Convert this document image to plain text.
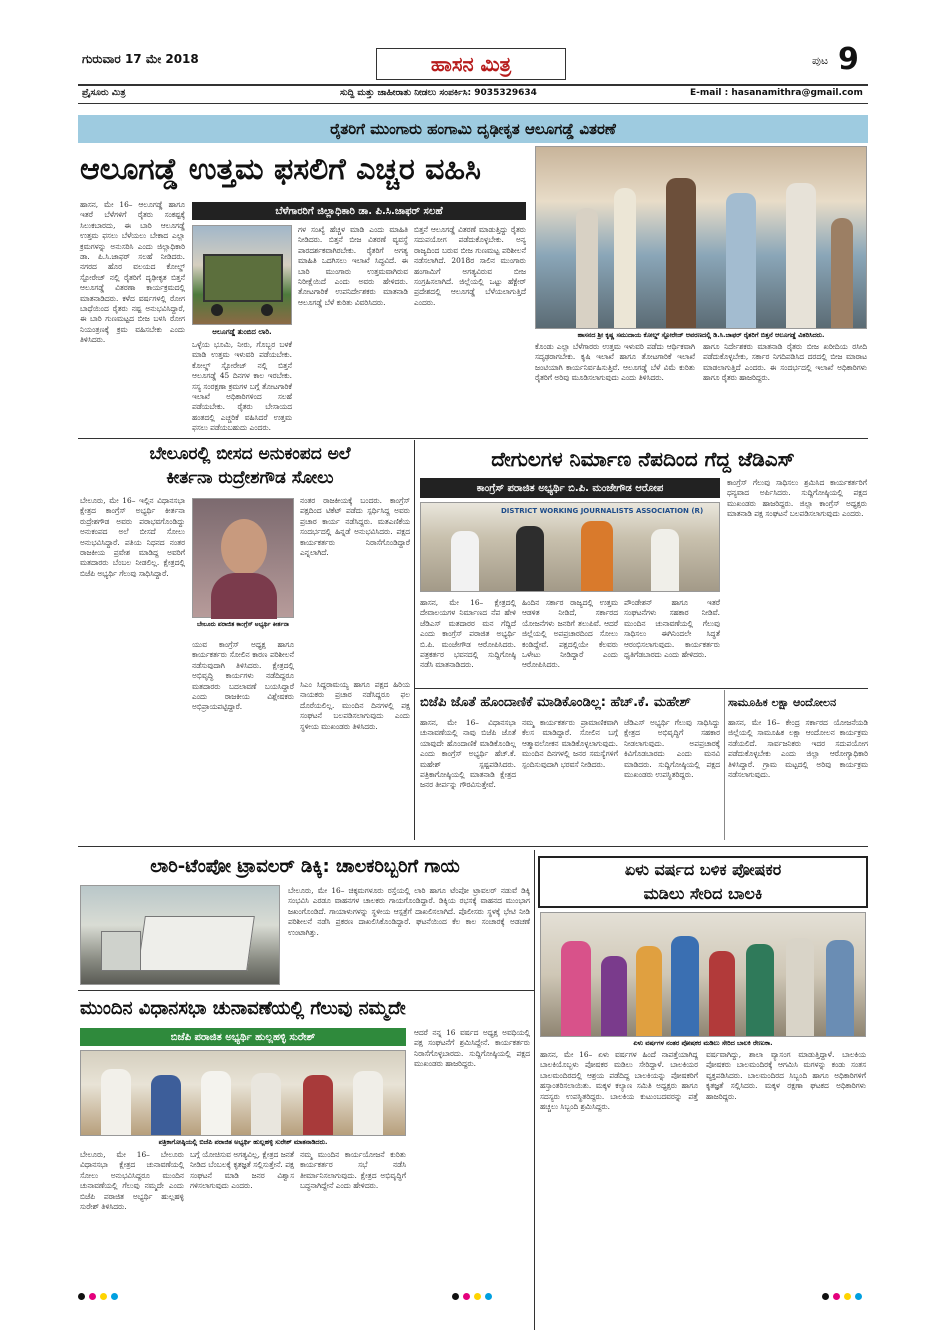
ಗುರುವಾರ 17 ಮೇ 2018	ಹಾಸನ ಮಿತ್ರ	ಪುಟ 9
ಪ್ರೈಸೂರು ಮಿತ್ರ	ಸುದ್ದಿ ಮತ್ತು ಜಾಹೀರಾತು ನೀಡಲು ಸಂಪರ್ಕಿಸಿ: 9035329634	E-mail : hasanamithra@gmail.com
ರೈತರಿಗೆ ಮುಂಗಾರು ಹಂಗಾಮಿ ದೃಢೀಕೃತ ಆಲೂಗಡ್ಡೆ ವಿತರಣೆ
ಆಲೂಗಡ್ಡೆ ಉತ್ತಮ ಫಸಲಿಗೆ ಎಚ್ಚರ ವಹಿಸಿ
ಹಾಸನದ ಶ್ರೀ ಕೃಷ್ಣ ಸಮುದಾಯ ಕೋಲ್ಡ್ ಸ್ಟೋರೇಜ್ ಆವರಣದಲ್ಲಿ ಡಿ.ಸಿ.ಜಾಫರ್ ರೈತರಿಗೆ ಬಿತ್ತನೆ ಆಲೂಗಡ್ಡೆ ವಿತರಿಸಿದರು.
ಹಾಸನ, ಮೇ 16– ಆಲೂಗಡ್ಡೆ ಹಾಗೂ ಇತರೆ ಬೆಳೆಗಳಿಗೆ ರೈತರು ಸಂಕಷ್ಟಕ್ಕೆ ಸಿಲುಕಬಾರದು, ಈ ಬಾರಿ ಆಲೂಗಡ್ಡೆ ಉತ್ತಮ ಫಸಲು ಬೆಳೆಯಲು ಬೇಕಾದ ಎಲ್ಲಾ ಕ್ರಮಗಳನ್ನು ಅನುಸರಿಸಿ ಎಂದು ಜಿಲ್ಲಾಧಿಕಾರಿ ಡಾ. ಪಿ.ಸಿ.ಜಾಫರ್ ಸಲಹೆ ನೀಡಿದರು. ನಗರದ ಹೊರ ವಲಯದ ಕೋಲ್ಡ್ ಸ್ಟೋರೇಜ್ ನಲ್ಲಿ ರೈತರಿಗೆ ದೃಢೀಕೃತ ಬಿತ್ತನೆ ಆಲೂಗಡ್ಡೆ ವಿತರಣಾ ಕಾರ್ಯಕ್ರಮದಲ್ಲಿ ಮಾತನಾಡಿದರು. ಕಳೆದ ವರ್ಷಗಳಲ್ಲಿ ರೋಗ ಬಾಧೆಯಿಂದ ರೈತರು ನಷ್ಟ ಅನುಭವಿಸಿದ್ದಾರೆ, ಈ ಬಾರಿ ಗುಣಮಟ್ಟದ ಬೀಜ ಬಳಸಿ ರೋಗ ನಿಯಂತ್ರಣಕ್ಕೆ ಕ್ರಮ ವಹಿಸಬೇಕು ಎಂದು ತಿಳಿಸಿದರು.
ಬೆಳೆಗಾರರಿಗೆ ಜಿಲ್ಲಾಧಿಕಾರಿ ಡಾ. ಪಿ.ಸಿ.ಜಾಫರ್ ಸಲಹೆ
ಆಲೂಗಡ್ಡೆ ತುಂಬಿದ ಲಾರಿ.
ಒಳ್ಳೆಯ ಭೂಮಿ, ನೀರು, ಗೊಬ್ಬರ ಬಳಕೆ ಮಾಡಿ ಉತ್ತಮ ಇಳುವರಿ ಪಡೆಯಬೇಕು. ಕೋಲ್ಡ್ ಸ್ಟೋರೇಜ್ ನಲ್ಲಿ ಬಿತ್ತನೆ ಆಲೂಗಡ್ಡೆ 45 ದಿನಗಳ ಕಾಲ ಇರಬೇಕು. ಸಸ್ಯ ಸಂರಕ್ಷಣಾ ಕ್ರಮಗಳ ಬಗ್ಗೆ ತೋಟಗಾರಿಕೆ ಇಲಾಖೆ ಅಧಿಕಾರಿಗಳಿಂದ ಸಲಹೆ ಪಡೆಯಬೇಕು. ರೈತರು ಬೇಸಾಯದ ಹಂತದಲ್ಲಿ ಎಚ್ಚರಿಕೆ ವಹಿಸಿದರೆ ಉತ್ತಮ ಫಸಲು ಪಡೆಯಬಹುದು ಎಂದರು.
ಗಳ ಸಂಖ್ಯೆ ಹೆಚ್ಚಳ ಮಾಡಿ ಎಂದು ಮಾಹಿತಿ ನೀಡಿದರು. ಬಿತ್ತನೆ ಬೀಜ ವಿತರಣೆ ವ್ಯವಸ್ಥೆ ಪಾರದರ್ಶಕವಾಗಿರಬೇಕು. ರೈತರಿಗೆ ಅಗತ್ಯ ಮಾಹಿತಿ ಒದಗಿಸಲು ಇಲಾಖೆ ಸಿದ್ಧವಿದೆ. ಈ ಬಾರಿ ಮುಂಗಾರು ಉತ್ತಮವಾಗಿರುವ ನಿರೀಕ್ಷೆಯಿದೆ ಎಂದು ಅವರು ಹೇಳಿದರು. ತೋಟಗಾರಿಕೆ ಉಪನಿರ್ದೇಶಕರು ಮಾತನಾಡಿ ಆಲೂಗಡ್ಡೆ ಬೆಳೆ ಕುರಿತು ವಿವರಿಸಿದರು.
ಬಿತ್ತನೆ ಆಲೂಗಡ್ಡೆ ವಿತರಣೆ ಮಾಡುತ್ತಿದ್ದು ರೈತರು ಸದುಪಯೋಗ ಪಡೆದುಕೊಳ್ಳಬೇಕು. ಅನ್ಯ ರಾಜ್ಯದಿಂದ ಬರುವ ಬೀಜ ಗುಣಮಟ್ಟ ಪರಿಶೀಲನೆ ನಡೆಸಲಾಗಿದೆ. 2018ರ ಸಾಲಿನ ಮುಂಗಾರು ಹಂಗಾಮಿಗೆ ಅಗತ್ಯವಿರುವ ಬೀಜ ಸಂಗ್ರಹಿಸಲಾಗಿದೆ. ಜಿಲ್ಲೆಯಲ್ಲಿ ಒಟ್ಟು ಹೆಕ್ಟೇರ್ ಪ್ರದೇಶದಲ್ಲಿ ಆಲೂಗಡ್ಡೆ ಬೆಳೆಯಲಾಗುತ್ತಿದೆ ಎಂದರು.
ಕೊಂಡು ಎಲ್ಲಾ ಬೆಳೆಗಾರರು ಉತ್ತಮ ಇಳುವರಿ ಪಡೆದು ಆರ್ಥಿಕವಾಗಿ ಸದೃಢರಾಗಬೇಕು. ಕೃಷಿ ಇಲಾಖೆ ಹಾಗೂ ತೋಟಗಾರಿಕೆ ಇಲಾಖೆ ಜಂಟಿಯಾಗಿ ಕಾರ್ಯನಿರ್ವಹಿಸುತ್ತಿವೆ. ಆಲೂಗಡ್ಡೆ ಬೆಳೆ ವಿಮೆ ಕುರಿತು ರೈತರಿಗೆ ಅರಿವು ಮೂಡಿಸಲಾಗುವುದು ಎಂದು ತಿಳಿಸಿದರು.
ಹಾಗೂ ನಿರ್ದೇಶಕರು ಮಾತನಾಡಿ ರೈತರು ಬೀಜ ಖರೀದಿಯ ರಸೀದಿ ಪಡೆದುಕೊಳ್ಳಬೇಕು, ಸರ್ಕಾರ ನಿಗದಿಪಡಿಸಿದ ದರದಲ್ಲಿ ಬೀಜ ಮಾರಾಟ ಮಾಡಲಾಗುತ್ತಿದೆ ಎಂದರು. ಈ ಸಂದರ್ಭದಲ್ಲಿ ಇಲಾಖೆ ಅಧಿಕಾರಿಗಳು ಹಾಗೂ ರೈತರು ಹಾಜರಿದ್ದರು.
ಬೇಲೂರಲ್ಲಿ ಬೀಸದ ಅನುಕಂಪದ ಅಲೆ
ಕೀರ್ತನಾ ರುದ್ರೇಶಗೌಡ ಸೋಲು
ಬೇಲೂರು, ಮೇ 16– ಇಲ್ಲಿನ ವಿಧಾನಸಭಾ ಕ್ಷೇತ್ರದ ಕಾಂಗ್ರೆಸ್ ಅಭ್ಯರ್ಥಿ ಕೀರ್ತನಾ ರುದ್ರೇಶಗೌಡ ಅವರು ಪರಾಭವಗೊಂಡಿದ್ದು ಅನುಕಂಪದ ಅಲೆ ಬೀಸದೆ ಸೋಲು ಅನುಭವಿಸಿದ್ದಾರೆ. ಪತಿಯ ನಿಧನದ ನಂತರ ರಾಜಕೀಯ ಪ್ರವೇಶ ಮಾಡಿದ್ದ ಅವರಿಗೆ ಮತದಾರರು ಬೆಂಬಲ ನೀಡಲಿಲ್ಲ. ಕ್ಷೇತ್ರದಲ್ಲಿ ಬಿಜೆಪಿ ಅಭ್ಯರ್ಥಿ ಗೆಲುವು ಸಾಧಿಸಿದ್ದಾರೆ.
ಬೇಲೂರು ಪರಾಜಿತ ಕಾಂಗ್ರೆಸ್ ಅಭ್ಯರ್ಥಿ ಕೀರ್ತನಾ
ನಂತರ ರಾಜಕೀಯಕ್ಕೆ ಬಂದರು. ಕಾಂಗ್ರೆಸ್ ಪಕ್ಷದಿಂದ ಟಿಕೆಟ್ ಪಡೆದು ಸ್ಪರ್ಧಿಸಿದ್ದ ಅವರು ಪ್ರಚಾರ ಕಾರ್ಯ ನಡೆಸಿದ್ದರು. ಮತಎಣಿಕೆಯ ಸಂದರ್ಭದಲ್ಲಿ ಹಿನ್ನಡೆ ಅನುಭವಿಸಿದರು. ಪಕ್ಷದ ಕಾರ್ಯಕರ್ತರು ನಿರಾಸೆಗೊಂಡಿದ್ದಾರೆ ಎನ್ನಲಾಗಿದೆ.
ಯುವ ಕಾಂಗ್ರೆಸ್ ಅಧ್ಯಕ್ಷ ಹಾಗೂ ಕಾರ್ಯಕರ್ತರು ಸೋಲಿನ ಕಾರಣ ಪರಿಶೀಲನೆ ನಡೆಸುವುದಾಗಿ ತಿಳಿಸಿದರು. ಕ್ಷೇತ್ರದಲ್ಲಿ ಅಭಿವೃದ್ಧಿ ಕಾರ್ಯಗಳು ನಡೆದಿದ್ದರೂ ಮತದಾರರು ಬದಲಾವಣೆ ಬಯಸಿದ್ದಾರೆ ಎಂದು ರಾಜಕೀಯ ವಿಶ್ಲೇಷಕರು ಅಭಿಪ್ರಾಯಪಟ್ಟಿದ್ದಾರೆ.
ಸಿಎಂ ಸಿದ್ದರಾಮಯ್ಯ ಹಾಗೂ ಪಕ್ಷದ ಹಿರಿಯ ನಾಯಕರು ಪ್ರಚಾರ ನಡೆಸಿದ್ದರೂ ಫಲ ದೊರೆಯಲಿಲ್ಲ. ಮುಂದಿನ ದಿನಗಳಲ್ಲಿ ಪಕ್ಷ ಸಂಘಟನೆ ಬಲಪಡಿಸಲಾಗುವುದು ಎಂದು ಸ್ಥಳೀಯ ಮುಖಂಡರು ತಿಳಿಸಿದರು.
ದೇಗುಲಗಳ ನಿರ್ಮಾಣ ನೆಪದಿಂದ ಗೆದ್ದ ಜೆಡಿಎಸ್
ಕಾಂಗ್ರೆಸ್ ಪರಾಜಿತ ಅಭ್ಯರ್ಥಿ ಬಿ.ಪಿ. ಮಂಜೇಗೌಡ ಆರೋಪ
DISTRICT WORKING JOURNALISTS ASSOCIATION (R)
ಹಾಸನ, ಮೇ 16– ಕ್ಷೇತ್ರದಲ್ಲಿ ದೇವಾಲಯಗಳ ನಿರ್ಮಾಣದ ನೆಪ ಹೇಳಿ ಜೆಡಿಎಸ್ ಮತದಾರರ ಮನ ಗೆದ್ದಿದೆ ಎಂದು ಕಾಂಗ್ರೆಸ್ ಪರಾಜಿತ ಅಭ್ಯರ್ಥಿ ಬಿ.ಪಿ. ಮಂಜೇಗೌಡ ಆರೋಪಿಸಿದರು. ಪತ್ರಕರ್ತರ ಭವನದಲ್ಲಿ ಸುದ್ದಿಗೋಷ್ಠಿ ನಡೆಸಿ ಮಾತನಾಡಿದರು.
ಹಿಂದಿನ ಸರ್ಕಾರ ರಾಜ್ಯದಲ್ಲಿ ಉತ್ತಮ ಆಡಳಿತ ನೀಡಿದೆ, ಸರ್ಕಾರದ ಯೋಜನೆಗಳು ಜನರಿಗೆ ತಲುಪಿವೆ. ಆದರೆ ಜಿಲ್ಲೆಯಲ್ಲಿ ಅಪಪ್ರಚಾರದಿಂದ ಸೋಲು ಕಂಡಿದ್ದೇವೆ. ಪಕ್ಷದಲ್ಲಿಯೇ ಕೆಲವರು ಒಳೇಟು ನೀಡಿದ್ದಾರೆ ಎಂದು ಆರೋಪಿಸಿದರು.
ಪೌಂಡೇಶನ್ ಹಾಗೂ ಇತರೆ ಸಂಘಟನೆಗಳು ಸಹಕಾರ ನೀಡಿವೆ. ಮುಂದಿನ ಚುನಾವಣೆಯಲ್ಲಿ ಗೆಲುವು ಸಾಧಿಸಲು ಈಗಿನಿಂದಲೇ ಸಿದ್ಧತೆ ಆರಂಭಿಸಲಾಗುವುದು. ಕಾರ್ಯಕರ್ತರು ಧೃತಿಗೆಡಬಾರದು ಎಂದು ಹೇಳಿದರು.
ಕಾಂಗ್ರೆಸ್ ಗೆಲುವು ಸಾಧಿಸಲು ಶ್ರಮಿಸಿದ ಕಾರ್ಯಕರ್ತರಿಗೆ ಧನ್ಯವಾದ ಅರ್ಪಿಸಿದರು. ಸುದ್ದಿಗೋಷ್ಠಿಯಲ್ಲಿ ಪಕ್ಷದ ಮುಖಂಡರು ಹಾಜರಿದ್ದರು. ಜಿಲ್ಲಾ ಕಾಂಗ್ರೆಸ್ ಅಧ್ಯಕ್ಷರು ಮಾತನಾಡಿ ಪಕ್ಷ ಸಂಘಟನೆ ಬಲಪಡಿಸಲಾಗುವುದು ಎಂದರು.
ಬಿಜೆಪಿ ಜೊತೆ ಹೊಂದಾಣಿಕೆ ಮಾಡಿಕೊಂಡಿಲ್ಲ: ಹೆಚ್.ಕೆ. ಮಹೇಶ್
ಹಾಸನ, ಮೇ 16– ವಿಧಾನಸಭಾ ಚುನಾವಣೆಯಲ್ಲಿ ನಾವು ಬಿಜೆಪಿ ಜೊತೆ ಯಾವುದೇ ಹೊಂದಾಣಿಕೆ ಮಾಡಿಕೊಂಡಿಲ್ಲ ಎಂದು ಕಾಂಗ್ರೆಸ್ ಅಭ್ಯರ್ಥಿ ಹೆಚ್.ಕೆ. ಮಹೇಶ್ ಸ್ಪಷ್ಟಪಡಿಸಿದರು. ಪತ್ರಿಕಾಗೋಷ್ಠಿಯಲ್ಲಿ ಮಾತನಾಡಿ ಕ್ಷೇತ್ರದ ಜನರ ತೀರ್ಪನ್ನು ಗೌರವಿಸುತ್ತೇವೆ.
ನಮ್ಮ ಕಾರ್ಯಕರ್ತರು ಪ್ರಾಮಾಣಿಕವಾಗಿ ಕೆಲಸ ಮಾಡಿದ್ದಾರೆ. ಸೋಲಿನ ಬಗ್ಗೆ ಆತ್ಮಾವಲೋಕನ ಮಾಡಿಕೊಳ್ಳಲಾಗುವುದು. ಮುಂದಿನ ದಿನಗಳಲ್ಲಿ ಜನರ ಸಮಸ್ಯೆಗಳಿಗೆ ಸ್ಪಂದಿಸುವುದಾಗಿ ಭರವಸೆ ನೀಡಿದರು.
ಜೆಡಿಎಸ್ ಅಭ್ಯರ್ಥಿ ಗೆಲುವು ಸಾಧಿಸಿದ್ದು ಕ್ಷೇತ್ರದ ಅಭಿವೃದ್ಧಿಗೆ ಸಹಕಾರ ನೀಡಲಾಗುವುದು. ಅಪಪ್ರಚಾರಕ್ಕೆ ಕಿವಿಗೊಡಬಾರದು ಎಂದು ಮನವಿ ಮಾಡಿದರು. ಸುದ್ದಿಗೋಷ್ಠಿಯಲ್ಲಿ ಪಕ್ಷದ ಮುಖಂಡರು ಉಪಸ್ಥಿತರಿದ್ದರು.
ಸಾಮೂಹಿಕ ಲಕ್ಷಾ ಆಂದೋಲನ
ಹಾಸನ, ಮೇ 16– ಕೇಂದ್ರ ಸರ್ಕಾರದ ಯೋಜನೆಯಡಿ ಜಿಲ್ಲೆಯಲ್ಲಿ ಸಾಮೂಹಿಕ ಲಕ್ಷಾ ಆಂದೋಲನ ಕಾರ್ಯಕ್ರಮ ನಡೆಯಲಿದೆ. ಸಾರ್ವಜನಿಕರು ಇದರ ಸದುಪಯೋಗ ಪಡೆದುಕೊಳ್ಳಬೇಕು ಎಂದು ಜಿಲ್ಲಾ ಆರೋಗ್ಯಾಧಿಕಾರಿ ತಿಳಿಸಿದ್ದಾರೆ. ಗ್ರಾಮ ಮಟ್ಟದಲ್ಲಿ ಅರಿವು ಕಾರ್ಯಕ್ರಮ ನಡೆಸಲಾಗುವುದು.
ಲಾರಿ-ಟೆಂಪೋ ಟ್ರಾವಲರ್ ಡಿಕ್ಕಿ: ಚಾಲಕರಿಬ್ಬರಿಗೆ ಗಾಯ
ಬೇಲೂರು, ಮೇ 16– ಚಿಕ್ಕಮಗಳೂರು ರಸ್ತೆಯಲ್ಲಿ ಲಾರಿ ಹಾಗೂ ಟೆಂಪೋ ಟ್ರಾವಲರ್ ನಡುವೆ ಡಿಕ್ಕಿ ಸಂಭವಿಸಿ ಎರಡೂ ವಾಹನಗಳ ಚಾಲಕರು ಗಾಯಗೊಂಡಿದ್ದಾರೆ. ಡಿಕ್ಕಿಯ ರಭಸಕ್ಕೆ ವಾಹನದ ಮುಂಭಾಗ ಜಖಂಗೊಂಡಿದೆ. ಗಾಯಾಳುಗಳನ್ನು ಸ್ಥಳೀಯ ಆಸ್ಪತ್ರೆಗೆ ದಾಖಲಿಸಲಾಗಿದೆ. ಪೊಲೀಸರು ಸ್ಥಳಕ್ಕೆ ಭೇಟಿ ನೀಡಿ ಪರಿಶೀಲನೆ ನಡೆಸಿ ಪ್ರಕರಣ ದಾಖಲಿಸಿಕೊಂಡಿದ್ದಾರೆ. ಘಟನೆಯಿಂದ ಕೆಲ ಕಾಲ ಸಂಚಾರಕ್ಕೆ ಅಡಚಣೆ ಉಂಟಾಗಿತ್ತು.
ಏಳು ವರ್ಷದ ಬಳಿಕ ಪೋಷಕರ
ಮಡಿಲು ಸೇರಿದ ಬಾಲಕಿ
ಏಳು ವರ್ಷಗಳ ನಂತರ ಪೋಷಕರ ಮಡಿಲು ಸೇರಿದ ಬಾಲಕಿ ರೇಣುಕಾ.
ಹಾಸನ, ಮೇ 16– ಏಳು ವರ್ಷಗಳ ಹಿಂದೆ ನಾಪತ್ತೆಯಾಗಿದ್ದ ಬಾಲಕಿಯೊಬ್ಬಳು ಪೋಷಕರ ಮಡಿಲು ಸೇರಿದ್ದಾಳೆ. ಬಾಲಕಿಯರ ಬಾಲಮಂದಿರದಲ್ಲಿ ಆಶ್ರಯ ಪಡೆದಿದ್ದ ಬಾಲಕಿಯನ್ನು ಪೋಷಕರಿಗೆ ಹಸ್ತಾಂತರಿಸಲಾಯಿತು. ಮಕ್ಕಳ ಕಲ್ಯಾಣ ಸಮಿತಿ ಅಧ್ಯಕ್ಷರು ಹಾಗೂ ಸದಸ್ಯರು ಉಪಸ್ಥಿತರಿದ್ದರು. ಬಾಲಕಿಯ ಕುಟುಂಬದವರನ್ನು ಪತ್ತೆ ಹಚ್ಚಲು ಸಿಬ್ಬಂದಿ ಶ್ರಮಿಸಿದ್ದರು.
ವರ್ಷವಾಗಿದ್ದು, ಶಾಲಾ ವ್ಯಾಸಂಗ ಮಾಡುತ್ತಿದ್ದಾಳೆ. ಬಾಲಕಿಯ ಪೋಷಕರು ಬಾಲಮಂದಿರಕ್ಕೆ ಆಗಮಿಸಿ ಮಗಳನ್ನು ಕಂಡು ಸಂತಸ ವ್ಯಕ್ತಪಡಿಸಿದರು. ಬಾಲಮಂದಿರದ ಸಿಬ್ಬಂದಿ ಹಾಗೂ ಅಧಿಕಾರಿಗಳಿಗೆ ಕೃತಜ್ಞತೆ ಸಲ್ಲಿಸಿದರು. ಮಕ್ಕಳ ರಕ್ಷಣಾ ಘಟಕದ ಅಧಿಕಾರಿಗಳು ಹಾಜರಿದ್ದರು.
ಮುಂದಿನ ವಿಧಾನಸಭಾ ಚುನಾವಣೆಯಲ್ಲಿ ಗೆಲುವು ನಮ್ಮದೇ
ಬಿಜೆಪಿ ಪರಾಜಿತ ಅಭ್ಯರ್ಥಿ ಹುಲ್ಲಹಳ್ಳಿ ಸುರೇಶ್
ಪತ್ರಿಕಾಗೋಷ್ಠಿಯಲ್ಲಿ ಬಿಜೆಪಿ ಪರಾಜಿತ ಅಭ್ಯರ್ಥಿ ಹುಲ್ಲಹಳ್ಳಿ ಸುರೇಶ್ ಮಾತನಾಡಿದರು.
ಬೇಲೂರು, ಮೇ 16– ಬೇಲೂರು ವಿಧಾನಸಭಾ ಕ್ಷೇತ್ರದ ಚುನಾವಣೆಯಲ್ಲಿ ಸೋಲು ಅನುಭವಿಸಿದ್ದರೂ ಮುಂದಿನ ಚುನಾವಣೆಯಲ್ಲಿ ಗೆಲುವು ನಮ್ಮದೇ ಎಂದು ಬಿಜೆಪಿ ಪರಾಜಿತ ಅಭ್ಯರ್ಥಿ ಹುಲ್ಲಹಳ್ಳಿ ಸುರೇಶ್ ತಿಳಿಸಿದರು.
ಬಗ್ಗೆ ಯೋಚಿಸುವ ಅಗತ್ಯವಿಲ್ಲ, ಕ್ಷೇತ್ರದ ಜನತೆ ನೀಡಿದ ಬೆಂಬಲಕ್ಕೆ ಕೃತಜ್ಞತೆ ಸಲ್ಲಿಸುತ್ತೇನೆ. ಪಕ್ಷ ಸಂಘಟನೆ ಮಾಡಿ ಜನರ ವಿಶ್ವಾಸ ಗಳಿಸಲಾಗುವುದು ಎಂದರು.
ನಮ್ಮ ಮುಂದಿನ ಕಾರ್ಯಯೋಜನೆ ಕುರಿತು ಕಾರ್ಯಕರ್ತರ ಸಭೆ ನಡೆಸಿ ತೀರ್ಮಾನಿಸಲಾಗುವುದು. ಕ್ಷೇತ್ರದ ಅಭಿವೃದ್ಧಿಗೆ ಬದ್ಧನಾಗಿದ್ದೇನೆ ಎಂದು ಹೇಳಿದರು.
ಆದರೆ ನನ್ನ 16 ವರ್ಷದ ಅಧ್ಯಕ್ಷ ಅವಧಿಯಲ್ಲಿ ಪಕ್ಷ ಸಂಘಟನೆಗೆ ಶ್ರಮಿಸಿದ್ದೇನೆ. ಕಾರ್ಯಕರ್ತರು ನಿರಾಸೆಗೊಳ್ಳಬಾರದು. ಸುದ್ದಿಗೋಷ್ಠಿಯಲ್ಲಿ ಪಕ್ಷದ ಮುಖಂಡರು ಹಾಜರಿದ್ದರು.
